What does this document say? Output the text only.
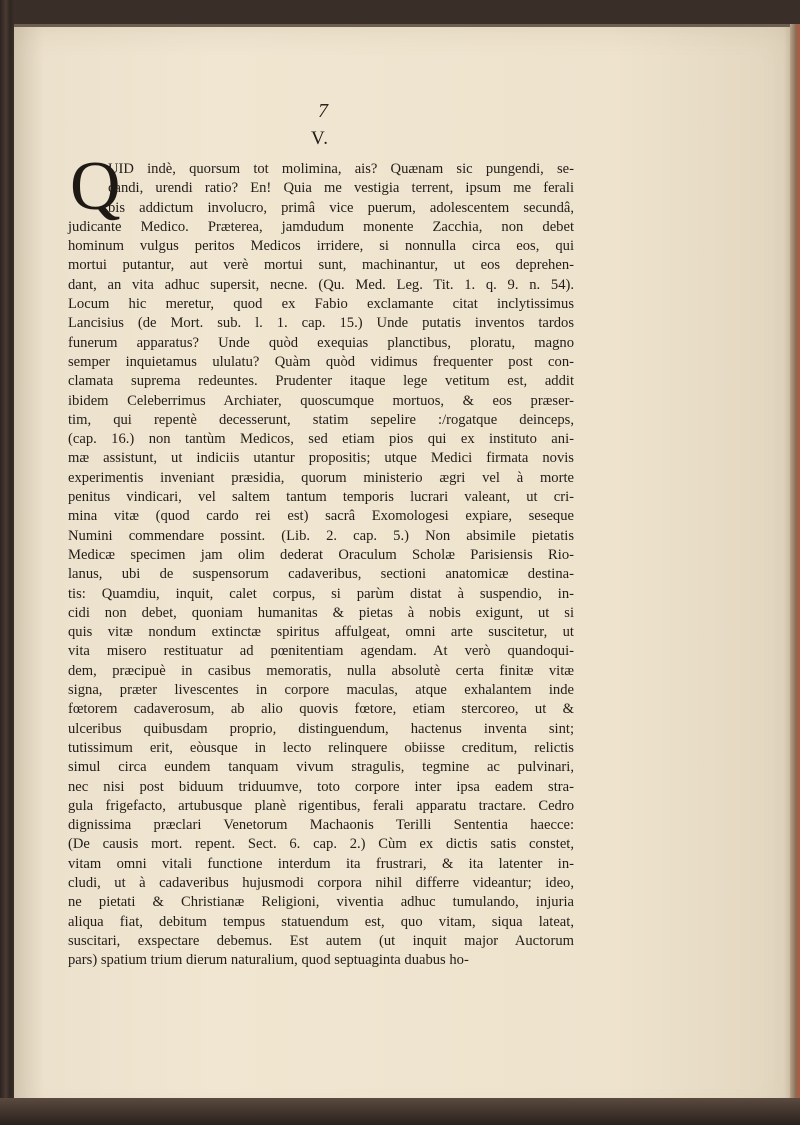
7
V.
Q
UID indè, quorsum tot molimina, ais? Quænam sic pungendi, se-
candi, urendi ratio? En! Quia me vestigia terrent, ipsum me ferali
bis addictum involucro, primâ vice puerum, adolescentem secundâ,
judicante Medico. Præterea, jamdudum monente Zacchia, non debet
hominum vulgus peritos Medicos irridere, si nonnulla circa eos, qui
mortui putantur, aut verè mortui sunt, machinantur, ut eos deprehen-
dant, an vita adhuc supersit, necne. (Qu. Med. Leg. Tit. 1. q. 9. n. 54).
Locum hic meretur, quod ex Fabio exclamante citat inclytissimus
Lancisius (de Mort. sub. l. 1. cap. 15.) Unde putatis inventos tardos
funerum apparatus? Unde quòd exequias planctibus, ploratu, magno
semper inquietamus ululatu? Quàm quòd vidimus frequenter post con-
clamata suprema redeuntes. Prudenter itaque lege vetitum est, addit
ibidem Celeberrimus Archiater, quoscumque mortuos, & eos præser-
tim, qui repentè decesserunt, statim sepelire :/rogatque deinceps,
(cap. 16.) non tantùm Medicos, sed etiam pios qui ex instituto ani-
mæ assistunt, ut indiciis utantur propositis; utque Medici firmata novis
experimentis inveniant præsidia, quorum ministerio ægri vel à morte
penitus vindicari, vel saltem tantum temporis lucrari valeant, ut cri-
mina vitæ (quod cardo rei est) sacrâ Exomologesi expiare, seseque
Numini commendare possint. (Lib. 2. cap. 5.) Non absimile pietatis
Medicæ specimen jam olim dederat Oraculum Scholæ Parisiensis Rio-
lanus, ubi de suspensorum cadaveribus, sectioni anatomicæ destina-
tis: Quamdiu, inquit, calet corpus, si parùm distat à suspendio, in-
cidi non debet, quoniam humanitas & pietas à nobis exigunt, ut si
quis vitæ nondum extinctæ spiritus affulgeat, omni arte suscitetur, ut
vita misero restituatur ad pœnitentiam agendam. At verò quandoqui-
dem, præcipuè in casibus memoratis, nulla absolutè certa finitæ vitæ
signa, præter livescentes in corpore maculas, atque exhalantem inde
fœtorem cadaverosum, ab alio quovis fœtore, etiam stercoreo, ut &
ulceribus quibusdam proprio, distinguendum, hactenus inventa sint;
tutissimum erit, eòusque in lecto relinquere obiisse creditum, relictis
simul circa eundem tanquam vivum stragulis, tegmine ac pulvinari,
nec nisi post biduum triduumve, toto corpore inter ipsa eadem stra-
gula frigefacto, artubusque planè rigentibus, ferali apparatu tractare. Cedro
dignissima præclari Venetorum Machaonis Terilli Sententia haecce:
(De causis mort. repent. Sect. 6. cap. 2.) Cùm ex dictis satis constet,
vitam omni vitali functione interdum ita frustrari, & ita latenter in-
cludi, ut à cadaveribus hujusmodi corpora nihil differre videantur; ideo,
ne pietati & Christianæ Religioni, viventia adhuc tumulando, injuria
aliqua fiat, debitum tempus statuendum est, quo vitam, siqua lateat,
suscitari, exspectare debemus. Est autem (ut inquit major Auctorum
pars) spatium trium dierum naturalium, quod septuaginta duabus ho-
